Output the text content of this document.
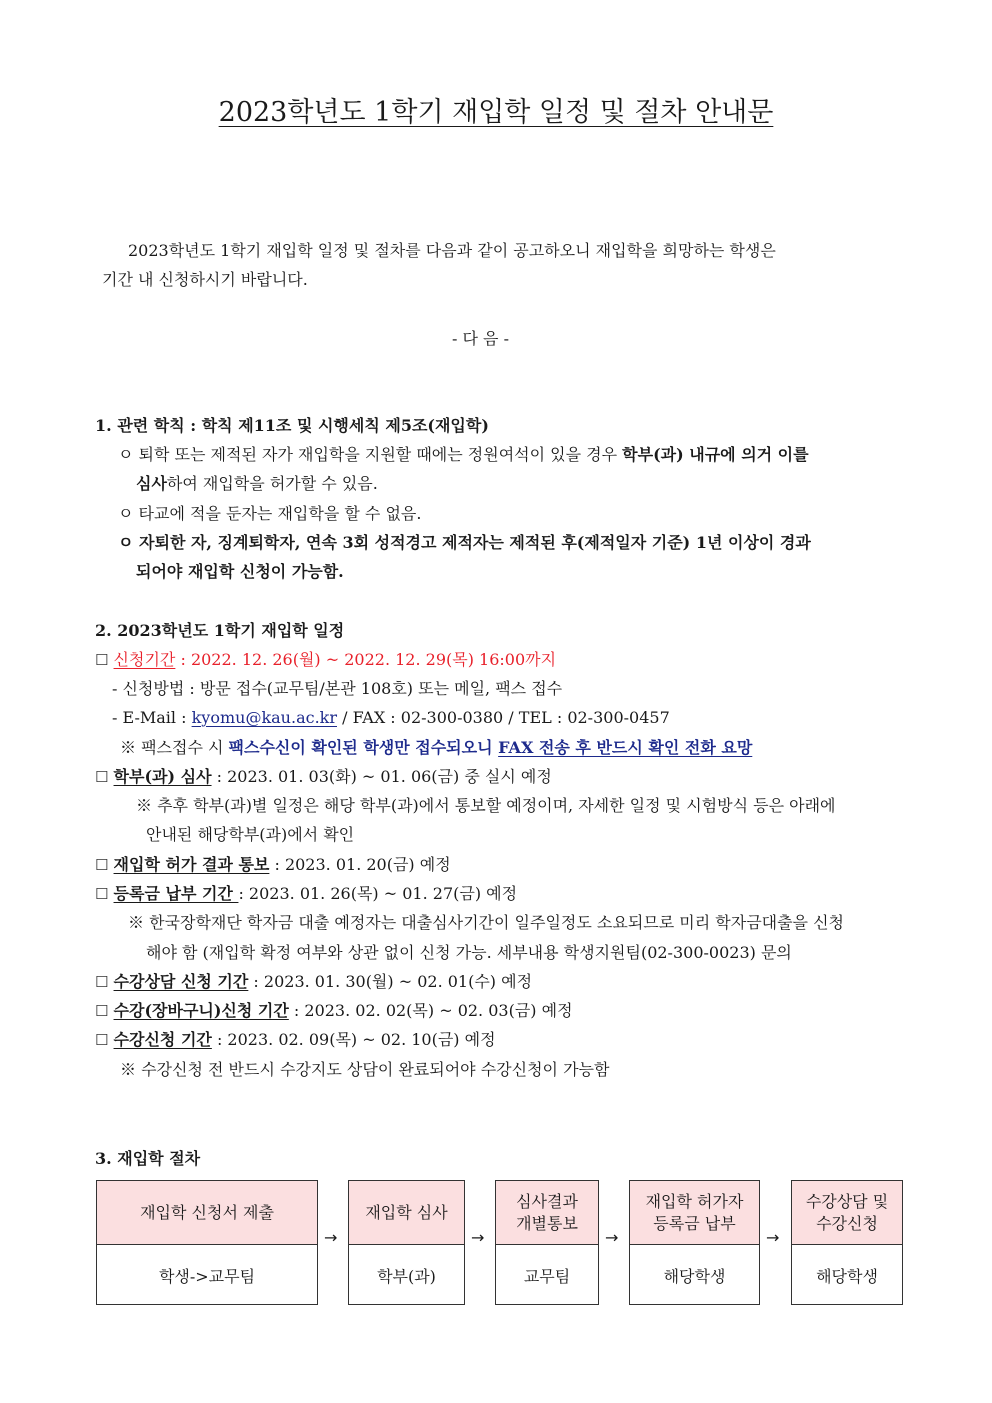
2023학년도 1학기 재입학 일정 및 절차 안내문
2023학년도 1학기 재입학 일정 및 절차를 다음과 같이 공고하오니 재입학을 희망하는 학생은
기간 내 신청하시기 바랍니다.
- 다 음 -
1. 관련 학칙 : 학칙 제11조 및 시행세칙 제5조(재입학)
ㅇ 퇴학 또는 제적된 자가 재입학을 지원할 때에는 정원여석이 있을 경우 학부(과) 내규에 의거 이를
심사하여 재입학을 허가할 수 있음.
ㅇ 타교에 적을 둔자는 재입학을 할 수 없음.
ㅇ 자퇴한 자, 징계퇴학자, 연속 3회 성적경고 제적자는 제적된 후(제적일자 기준) 1년 이상이 경과
되어야 재입학 신청이 가능함.
2. 2023학년도 1학기 재입학 일정
☐ 신청기간 : 2022. 12. 26(월) ~ 2022. 12. 29(목) 16:00까지
- 신청방법 : 방문 접수(교무팀/본관 108호) 또는 메일, 팩스 접수
- E-Mail : kyomu@kau.ac.kr / FAX : 02-300-0380 / TEL : 02-300-0457
※ 팩스접수 시 팩스수신이 확인된 학생만 접수되오니 FAX 전송 후 반드시 확인 전화 요망
☐ 학부(과) 심사 : 2023. 01. 03(화) ~ 01. 06(금) 중 실시 예정
※ 추후 학부(과)별 일정은 해당 학부(과)에서 통보할 예정이며, 자세한 일정 및 시험방식 등은 아래에
안내된 해당학부(과)에서 확인
☐ 재입학 허가 결과 통보 : 2023. 01. 20(금) 예정
☐ 등록금 납부 기간 : 2023. 01. 26(목) ~ 01. 27(금) 예정
※ 한국장학재단 학자금 대출 예정자는 대출심사기간이 일주일정도 소요되므로 미리 학자금대출을 신청
해야 함 (재입학 확정 여부와 상관 없이 신청 가능. 세부내용 학생지원팀(02-300-0023) 문의
☐ 수강상담 신청 기간 : 2023. 01. 30(월) ~ 02. 01(수) 예정
☐ 수강(장바구니)신청 기간 : 2023. 02. 02(목) ~ 02. 03(금) 예정
☐ 수강신청 기간 : 2023. 02. 09(목) ~ 02. 10(금) 예정
※ 수강신청 전 반드시 수강지도 상담이 완료되어야 수강신청이 가능함
3. 재입학 절차
재입학 신청서 제출
학생->교무팀
→
재입학 심사
학부(과)
→
심사결과
개별통보
교무팀
→
재입학 허가자
등록금 납부
해당학생
→
수강상담 및
수강신청
해당학생
